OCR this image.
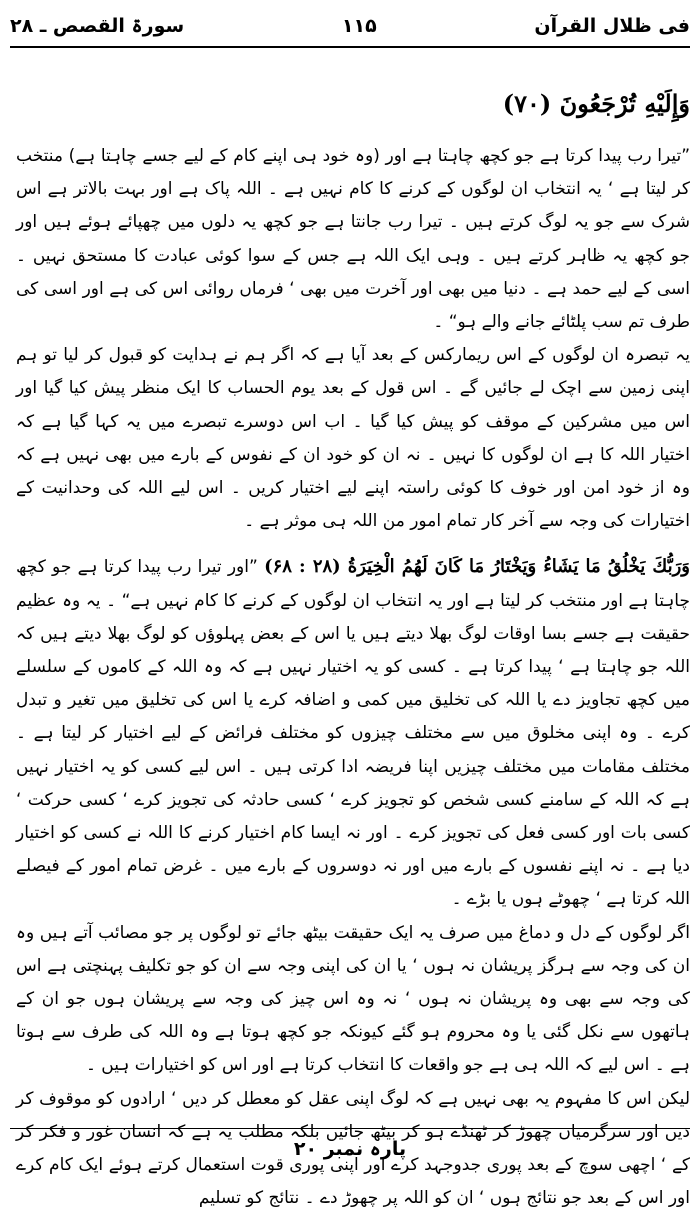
فی ظلال القرآن
۱۱۵
سورۃ القصص ـ ۲۸
وَإِلَيْهِ تُرْجَعُونَ (۷۰)

”تیرا رب پیدا کرتا ہے جو کچھ چاہتا ہے اور (وہ خود ہی اپنے کام کے لیے جسے چاہتا ہے) منتخب کر لیتا ہے ‘ یہ انتخاب ان لوگوں کے کرنے کا کام نہیں ہے ۔ اللہ پاک ہے اور بہت بالاتر ہے اس شرک سے جو یہ لوگ کرتے ہیں ۔ تیرا رب جانتا ہے جو کچھ یہ دلوں میں چھپائے ہوئے ہیں اور جو کچھ یہ ظاہر کرتے ہیں ۔ وہی ایک اللہ ہے جس کے سوا کوئی عبادت کا مستحق نہیں ۔ اسی کے لیے حمد ہے ۔ دنیا میں بھی اور آخرت میں بھی ‘ فرماں روائی اس کی ہے اور اسی کی طرف تم سب پلٹائے جانے والے ہو“ ۔

یہ تبصرہ ان لوگوں کے اس ریمارکس کے بعد آیا ہے کہ اگر ہم نے ہدایت کو قبول کر لیا تو ہم اپنی زمین سے اچک لے جائیں گے ۔ اس قول کے بعد یوم الحساب کا ایک منظر پیش کیا گیا اور اس میں مشرکین کے موقف کو پیش کیا گیا ۔ اب اس دوسرے تبصرے میں یہ کہا گیا ہے کہ اختیار اللہ کا ہے ان لوگوں کا نہیں ۔ نہ ان کو خود ان کے نفوس کے بارے میں بھی نہیں ہے کہ وہ از خود امن اور خوف کا کوئی راستہ اپنے لیے اختیار کریں ۔ اس لیے اللہ کی وحدانیت کے اختیارات کی وجہ سے آخر کار تمام امور من اللہ ہی موثر ہے ۔

وَرَبُّكَ يَخْلُقُ مَا يَشَاءُ وَيَخْتَارُ مَا كَانَ لَهُمُ الْخِيَرَةُ (۲۸ : ۶۸) ”اور تیرا رب پیدا کرتا ہے جو کچھ چاہتا ہے اور منتخب کر لیتا ہے اور یہ انتخاب ان لوگوں کے کرنے کا کام نہیں ہے“ ۔ یہ وہ عظیم حقیقت ہے جسے بسا اوقات لوگ بھلا دیتے ہیں یا اس کے بعض پہلوؤں کو لوگ بھلا دیتے ہیں کہ اللہ جو چاہتا ہے ‘ پیدا کرتا ہے ۔ کسی کو یہ اختیار نہیں ہے کہ وہ اللہ کے کاموں کے سلسلے میں کچھ تجاویز دے یا اللہ کی تخلیق میں کمی و اضافہ کرے یا اس کی تخلیق میں تغیر و تبدل کرے ۔ وہ اپنی مخلوق میں سے مختلف چیزوں کو مختلف فرائض کے لیے اختیار کر لیتا ہے ۔ مختلف مقامات میں مختلف چیزیں اپنا فریضہ ادا کرتی ہیں ۔ اس لیے کسی کو یہ اختیار نہیں ہے کہ اللہ کے سامنے کسی شخص کو تجویز کرے ‘ کسی حادثہ کی تجویز کرے ‘ کسی حرکت ‘ کسی بات اور کسی فعل کی تجویز کرے ۔ اور نہ ایسا کام اختیار کرنے کا اللہ نے کسی کو اختیار دیا ہے ۔ نہ اپنے نفسوں کے بارے میں اور نہ دوسروں کے بارے میں ۔ غرض تمام امور کے فیصلے اللہ کرتا ہے ‘ چھوٹے ہوں یا بڑے ۔

اگر لوگوں کے دل و دماغ میں صرف یہ ایک حقیقت بیٹھ جائے تو لوگوں پر جو مصائب آتے ہیں وہ ان کی وجہ سے ہرگز پریشان نہ ہوں ‘ یا ان کی اپنی وجہ سے ان کو جو تکلیف پہنچتی ہے اس کی وجہ سے بھی وہ پریشان نہ ہوں ‘ نہ وہ اس چیز کی وجہ سے پریشان ہوں جو ان کے ہاتھوں سے نکل گئی یا وہ محروم ہو گئے کیونکہ جو کچھ ہوتا ہے وہ اللہ کی طرف سے ہوتا ہے ۔ اس لیے کہ اللہ ہی ہے جو واقعات کا انتخاب کرتا ہے اور اس کو اختیارات ہیں ۔

لیکن اس کا مفہوم یہ بھی نہیں ہے کہ لوگ اپنی عقل کو معطل کر دیں ‘ ارادوں کو موقوف کر دیں اور سرگرمیاں چھوڑ کر ٹھنڈے ہو کر بیٹھ جائیں بلکہ مطلب یہ ہے کہ انسان غور و فکر کر کے ‘ اچھی سوچ کے بعد پوری جدوجہد کرے اور اپنی پوری قوت استعمال کرتے ہوئے ایک کام کرے اور اس کے بعد جو نتائج ہوں ‘ ان کو اللہ پر چھوڑ دے ۔ نتائج کو تسلیم

پارہ نمبر ۲۰
